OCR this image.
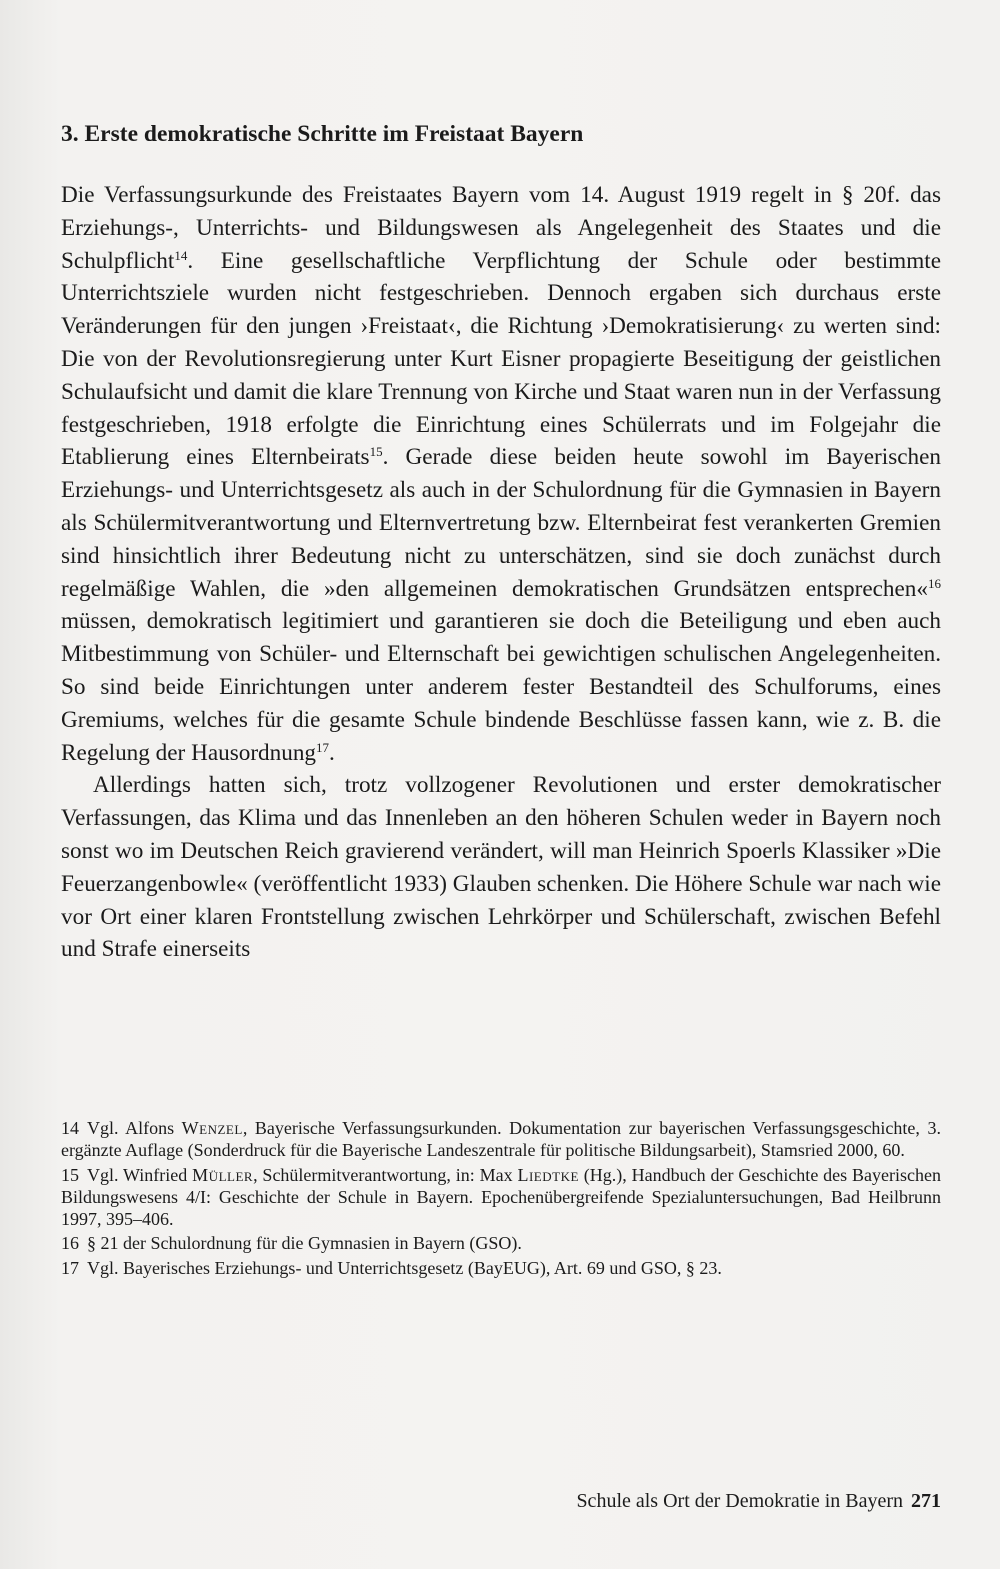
3. Erste demokratische Schritte im Freistaat Bayern

Die Verfassungsurkunde des Freistaates Bayern vom 14. August 1919 regelt in § 20f. das Erziehungs-, Unterrichts- und Bildungswesen als Angelegenheit des Staates und die Schulpflicht$^{14}$. Eine gesellschaftliche Verpflichtung der Schule oder bestimmte Unterrichtsziele wurden nicht festgeschrieben. Dennoch ergaben sich durchaus erste Veränderungen für den jungen ›Freistaat‹, die Richtung ›Demokratisierung‹ zu werten sind: Die von der Revolutionsregierung unter Kurt Eisner propagierte Beseitigung der geistlichen Schulaufsicht und damit die klare Trennung von Kirche und Staat waren nun in der Verfassung festgeschrieben, 1918 erfolgte die Einrichtung eines Schülerrats und im Folgejahr die Etablierung eines Elternbeirats$^{15}$. Gerade diese beiden heute sowohl im Bayerischen Erziehungs- und Unterrichtsgesetz als auch in der Schulordnung für die Gymnasien in Bayern als Schülermitverantwortung und Elternvertretung bzw. Elternbeirat fest verankerten Gremien sind hinsichtlich ihrer Bedeutung nicht zu unterschätzen, sind sie doch zunächst durch regelmäßige Wahlen, die »den allgemeinen demokratischen Grundsätzen entsprechen«$^{16}$ müssen, demokratisch legitimiert und garantieren sie doch die Beteiligung und eben auch Mitbestimmung von Schüler- und Elternschaft bei gewichtigen schulischen Angelegenheiten. So sind beide Einrichtungen unter anderem fester Bestandteil des Schulforums, eines Gremiums, welches für die gesamte Schule bindende Beschlüsse fassen kann, wie z. B. die Regelung der Hausordnung$^{17}$.

Allerdings hatten sich, trotz vollzogener Revolutionen und erster demokratischer Verfassungen, das Klima und das Innenleben an den höheren Schulen weder in Bayern noch sonst wo im Deutschen Reich gravierend verändert, will man Heinrich Spoerls Klassiker »Die Feuerzangenbowle« (veröffentlicht 1933) Glauben schenken. Die Höhere Schule war nach wie vor Ort einer klaren Frontstellung zwischen Lehrkörper und Schülerschaft, zwischen Befehl und Strafe einerseits

14 Vgl. Alfons Wenzel, Bayerische Verfassungsurkunden. Dokumentation zur bayerischen Verfassungsgeschichte, 3. ergänzte Auflage (Sonderdruck für die Bayerische Landeszentrale für politische Bildungsarbeit), Stamsried 2000, 60.

15 Vgl. Winfried Müller, Schülermitverantwortung, in: Max Liedtke (Hg.), Handbuch der Geschichte des Bayerischen Bildungswesens 4/I: Geschichte der Schule in Bayern. Epochenübergreifende Spezialuntersuchungen, Bad Heilbrunn 1997, 395–406.

16 § 21 der Schulordnung für die Gymnasien in Bayern (GSO).

17 Vgl. Bayerisches Erziehungs- und Unterrichtsgesetz (BayEUG), Art. 69 und GSO, § 23.

Schule als Ort der Demokratie in Bayern 271
